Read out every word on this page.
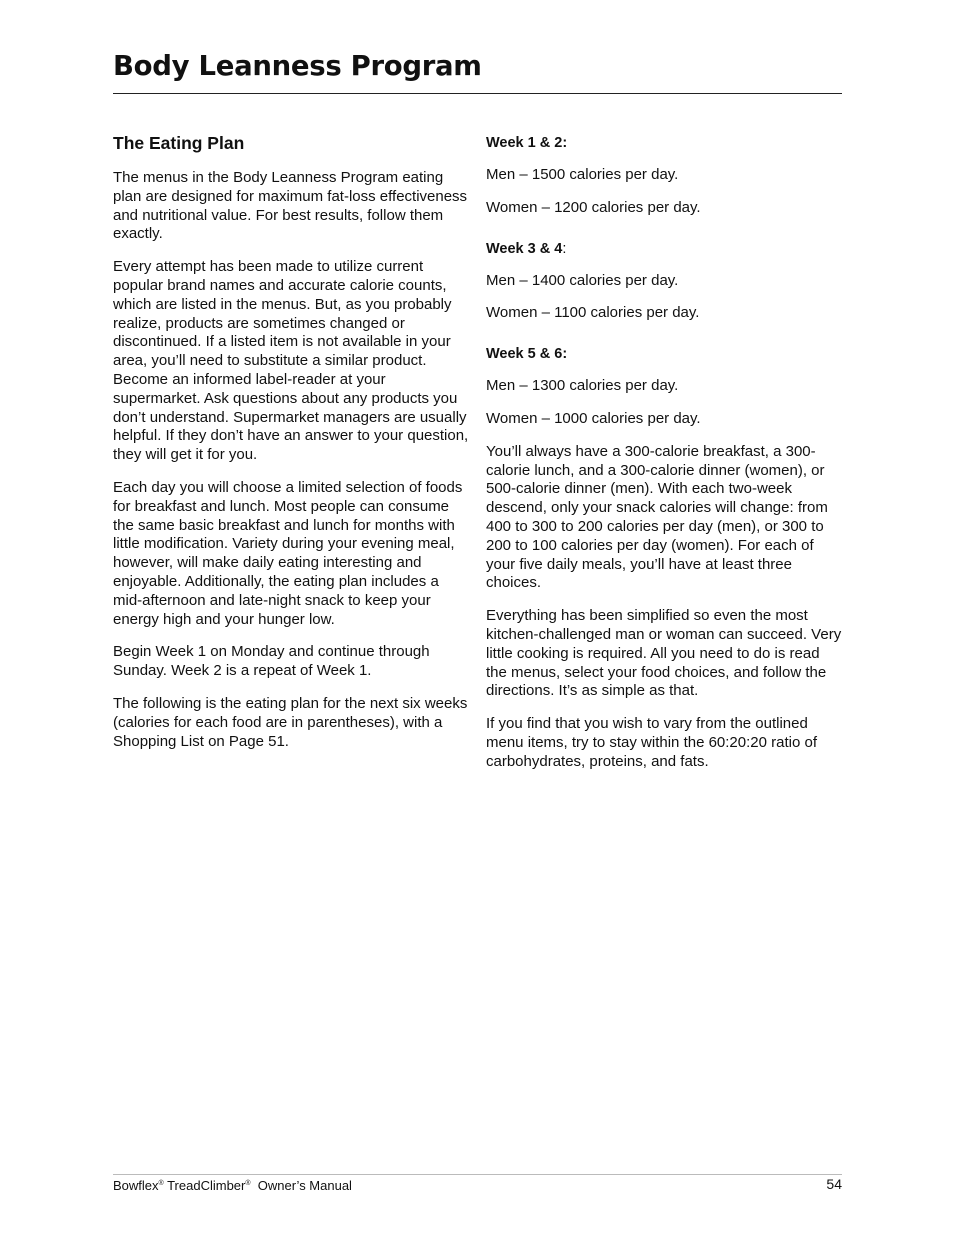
Body Leanness Program
The Eating Plan

The menus in the Body Leanness Program eating plan are designed for maximum fat-loss effectiveness and nutritional value. For best results, follow them exactly.

Every attempt has been made to utilize current popular brand names and accurate calorie counts, which are listed in the menus. But, as you probably realize, products are sometimes changed or discontinued. If a listed item is not available in your area, you’ll need to substitute a similar product. Become an informed label-reader at your supermarket. Ask questions about any products you don’t understand. Supermarket managers are usually helpful. If they don’t have an answer to your question, they will get it for you.

Each day you will choose a limited selection of foods for breakfast and lunch. Most people can consume the same basic breakfast and lunch for months with little modification. Variety during your evening meal, however, will make daily eating interesting and enjoyable. Additionally, the eating plan includes a mid-afternoon and late-night snack to keep your energy high and your hunger low.

Begin Week 1 on Monday and continue through Sunday. Week 2 is a repeat of Week 1.

The following is the eating plan for the next six weeks (calories for each food are in parentheses), with a Shopping List on Page 51.

Week 1 & 2:

Men – 1500 calories per day.

Women – 1200 calories per day.

Week 3 & 4:

Men – 1400 calories per day.

Women – 1100 calories per day.

Week 5 & 6:

Men – 1300 calories per day.

Women – 1000 calories per day.

You’ll always have a 300-calorie breakfast, a 300-calorie lunch, and a 300-calorie dinner (women), or 500-calorie dinner (men). With each two-week descend, only your snack calories will change: from 400 to 300 to 200 calories per day (men), or 300 to 200 to 100 calories per day (women). For each of your five daily meals, you’ll have at least three choices.

Everything has been simplified so even the most kitchen-challenged man or woman can succeed. Very little cooking is required. All you need to do is read the menus, select your food choices, and follow the directions. It’s as simple as that.

If you find that you wish to vary from the outlined menu items, try to stay within the 60:20:20 ratio of carbohydrates, proteins, and fats.

Bowflex® TreadClimber® Owner’s Manual	54
